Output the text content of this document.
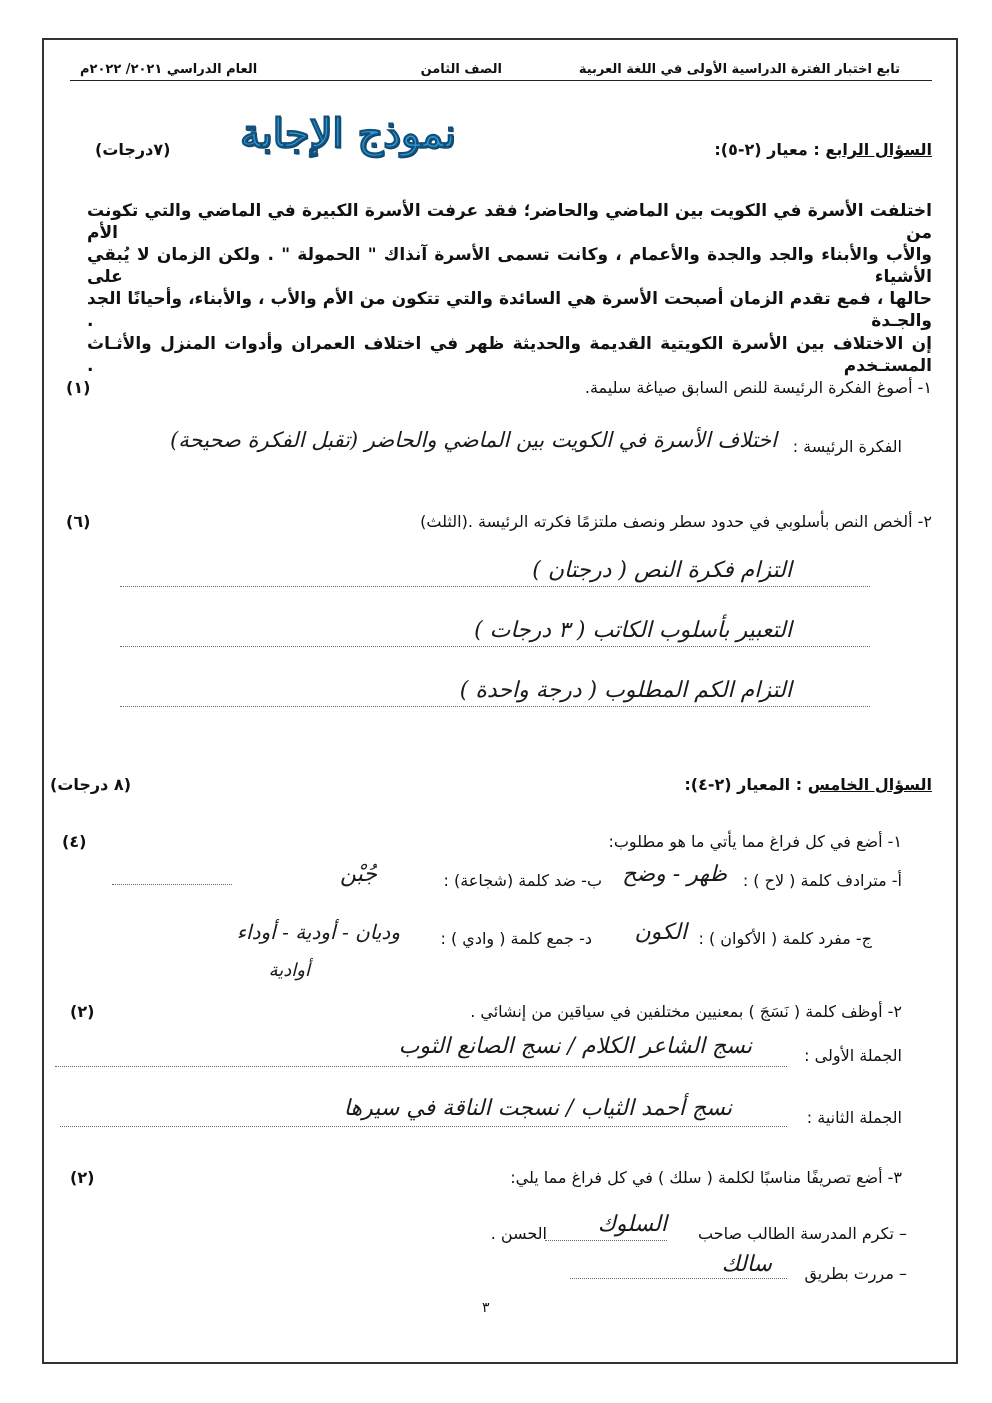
تابع اختبار الفترة الدراسية الأولى في اللغة العربية
الصف الثامن
العام الدراسي ٢٠٢١/ ٢٠٢٢م
نموذج الإجابة	السؤال الرابع : معيار (٢-٥):
(٧درجات)
اختلفت الأسرة في الكويت بين الماضي والحاضر؛ فقد عرفت الأسرة الكبيرة في الماضي والتي تكونت من الأم
والأب والأبناء والجد والجدة والأعمام ، وكانت تسمى الأسرة آنذاك " الحمولة " . ولكن الزمان لا يُبقي الأشياء على
حالها ، فمع تقدم الزمان أصبحت الأسرة هي السائدة والتي تتكون من الأم والأب ، والأبناء، وأحيانًا الجد والجـدة .
إن الاختلاف بين الأسرة الكويتية القديمة والحديثة ظهر في اختلاف العمران وأدوات المنزل والأثـاث المستـخدم .
١- أصوغ الفكرة الرئيسة للنص السابق صياغة سليمة.
(١)
الفكرة الرئيسة :
اختلاف الأسرة في الكويت بين الماضي والحاضر (تقبل الفكرة صحيحة)
٢- ألخص النص بأسلوبي في حدود سطر ونصف ملتزمًا فكرته الرئيسة .(الثلث)
(٦)
التزام فكرة النص ( درجتان )
التعبير بأسلوب الكاتب ( ٣ درجات )
التزام الكم المطلوب ( درجة واحدة )
السؤال الخامس : المعيار (٢-٤):
(٨ درجات)
١- أضع في كل فراغ مما يأتي ما هو مطلوب:
(٤)
أ- مترادف كلمة ( لاح ) :
ظهر - وضح
ب- ضد كلمة (شجاعة) :
جُبْن
ج- مفرد كلمة ( الأكوان ) :
الكون
د- جمع كلمة ( وادي ) :
وديان - أودية - أوداء
أوادية
٢- أوظف كلمة ( نَسَجَ ) بمعنيين مختلفين في سياقين من إنشائي .
(٢)
الجملة الأولى :
نسج الشاعر الكلام / نسج الصانع الثوب
الجملة الثانية :
نسج أحمد الثياب / نسجت الناقة في سيرها
٣- أضع تصريفًا مناسبًا لكلمة ( سلك ) في كل فراغ مما يلي:
(٢)
– تكرم المدرسة الطالب صاحب
السلوك
الحسن .
– مررت بطريق
سالك
٣
